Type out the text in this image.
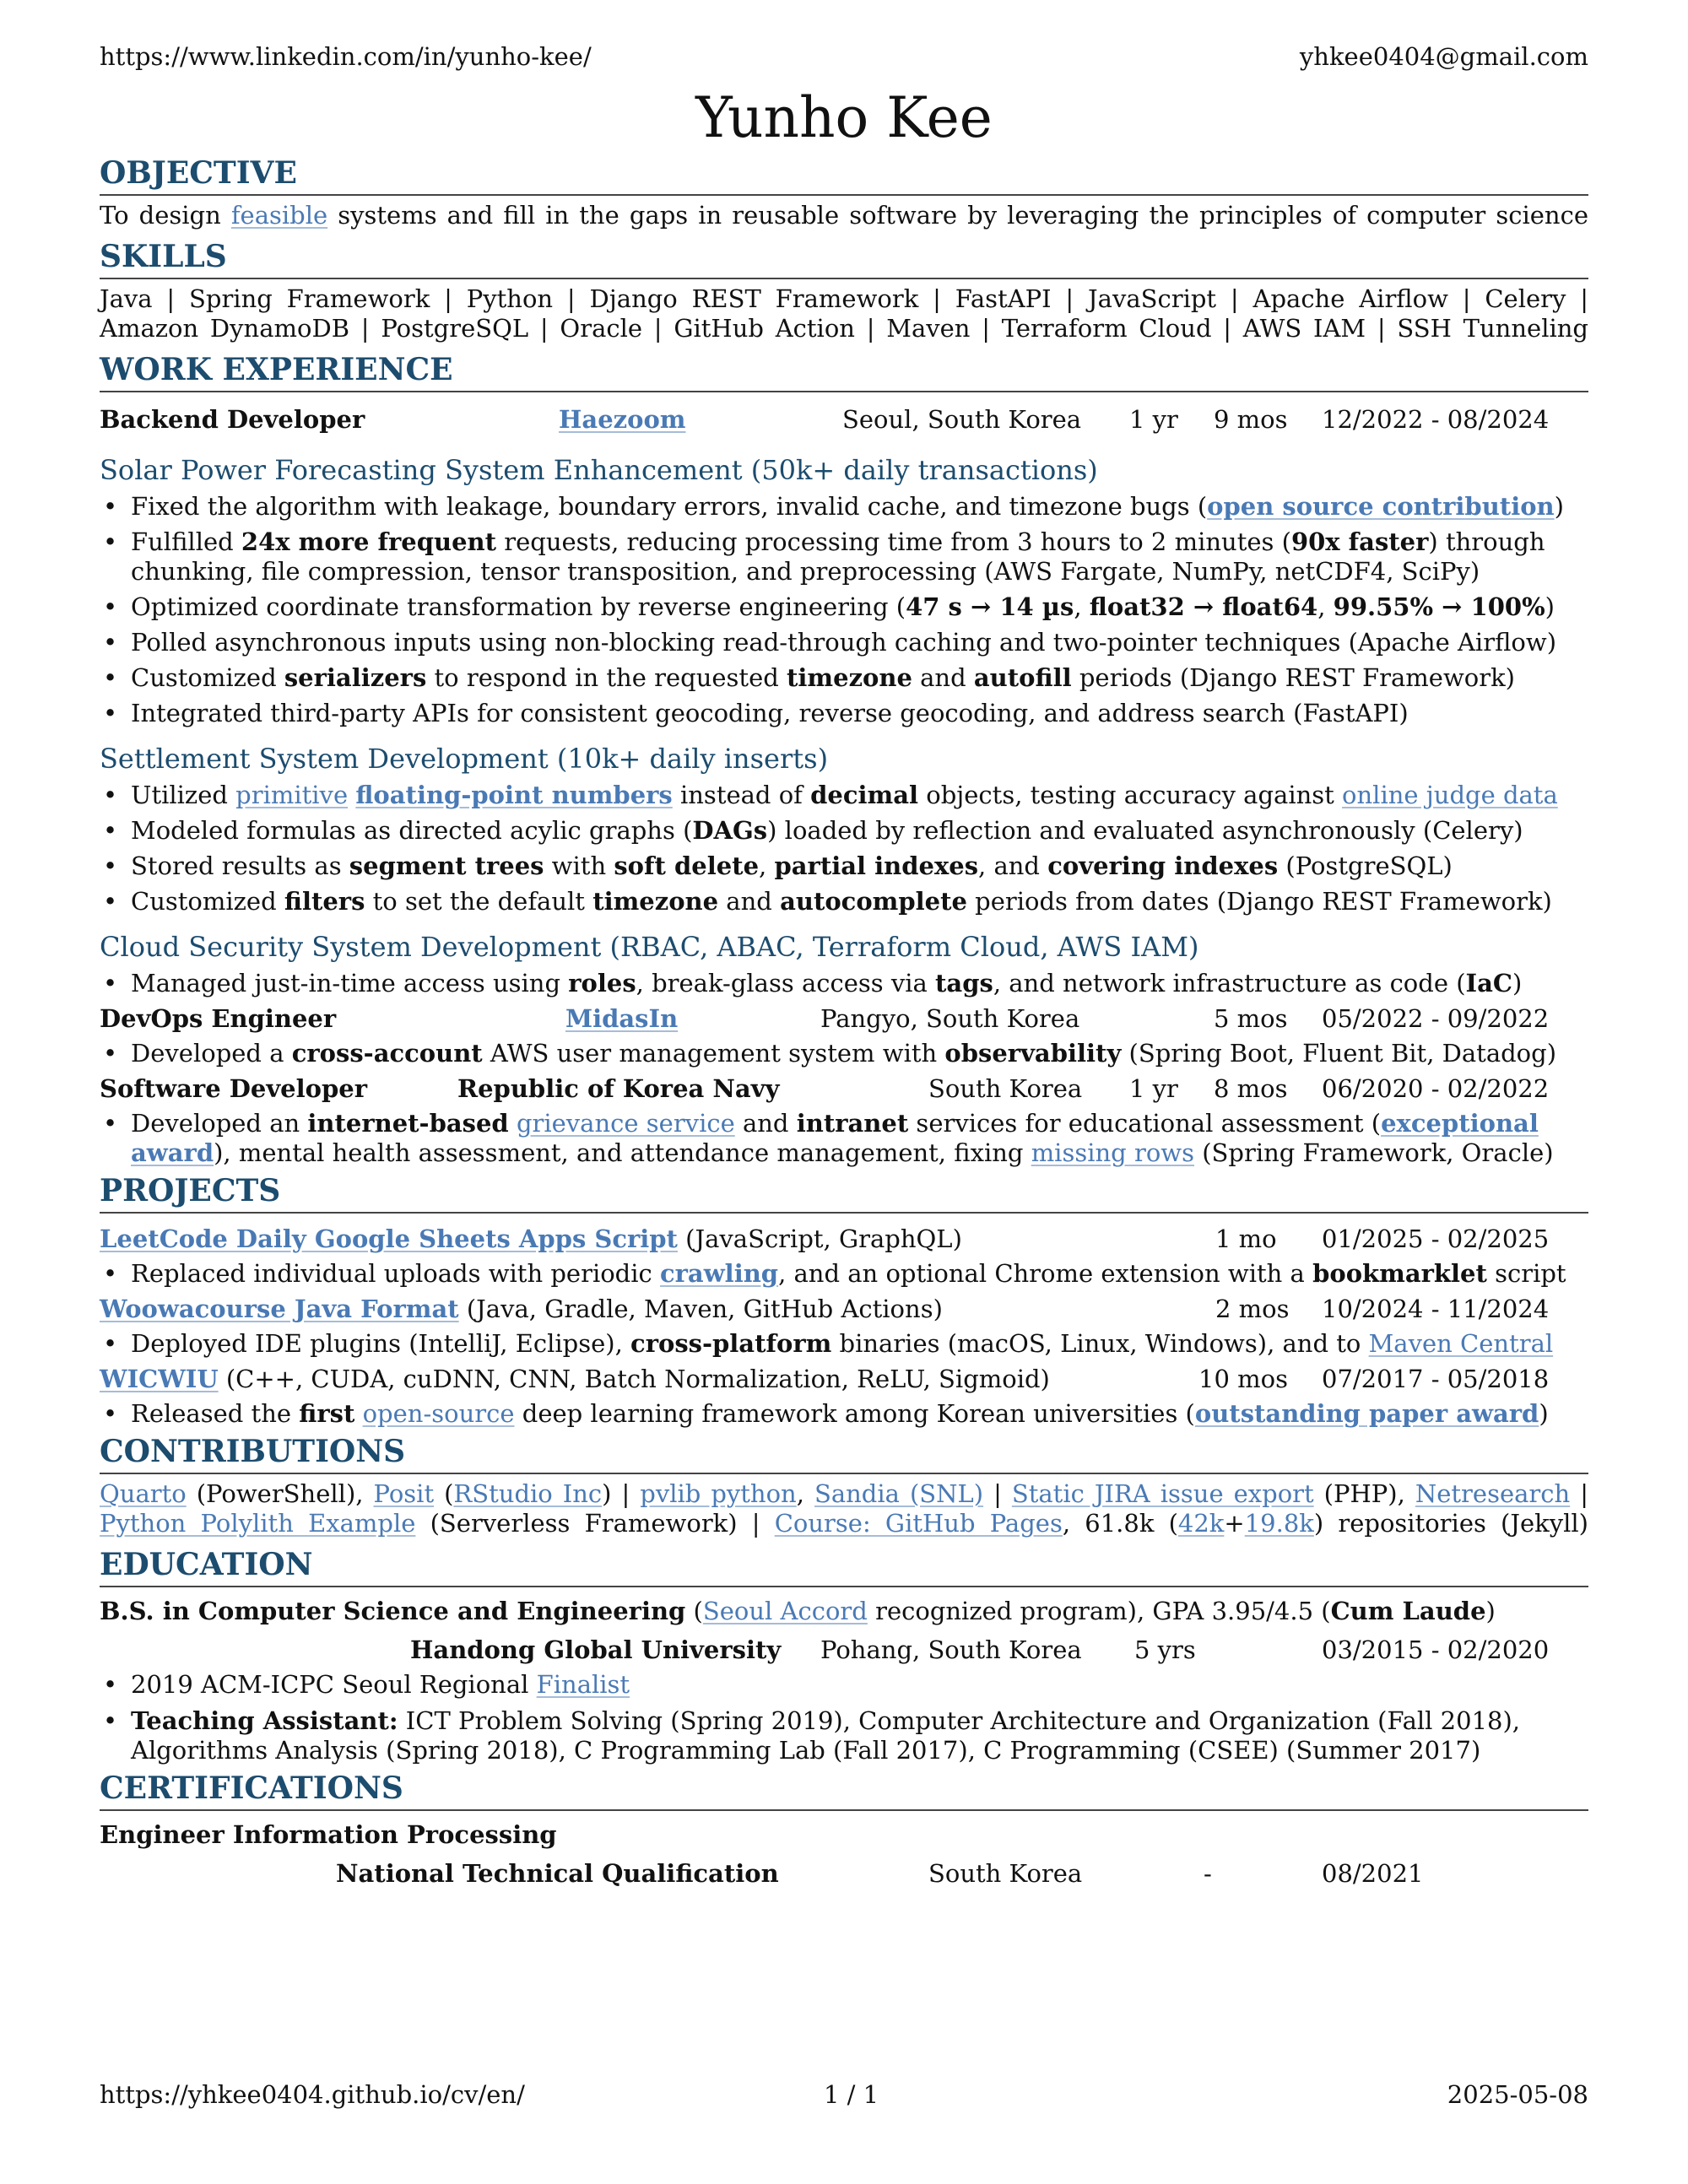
https://www.linkedin.com/in/yunho-kee/	yhkee0404@gmail.com
Yunho Kee
OBJECTIVE
To design feasible systems and fill in the gaps in reusable software by leveraging the principles of computer science
SKILLS
Java | Spring Framework | Python | Django REST Framework | FastAPI | JavaScript | Apache Airflow | Celery |
Amazon DynamoDB | PostgreSQL | Oracle | GitHub Action | Maven | Terraform Cloud | AWS IAM | SSH Tunneling
WORK EXPERIENCE
Backend Developer	Haezoom	Seoul, South Korea 1 yr 9 mos 12/2022 - 08/2024
Solar Power Forecasting System Enhancement (50k+ daily transactions)
• Fixed the algorithm with leakage, boundary errors, invalid cache, and timezone bugs (open source contribution)
• Fulfilled 24x more frequent requests, reducing processing time from 3 hours to 2 minutes (90x faster) through chunking, file compression, tensor transposition, and preprocessing (AWS Fargate, NumPy, netCDF4, SciPy)
• Optimized coordinate transformation by reverse engineering (47 s → 14 µs, float32 → float64, 99.55% → 100%)
• Polled asynchronous inputs using non-blocking read-through caching and two-pointer techniques (Apache Airflow)
• Customized serializers to respond in the requested timezone and autofill periods (Django REST Framework)
• Integrated third-party APIs for consistent geocoding, reverse geocoding, and address search (FastAPI)
Settlement System Development (10k+ daily inserts)
• Utilized primitive floating-point numbers instead of decimal objects, testing accuracy against online judge data
• Modeled formulas as directed acylic graphs (DAGs) loaded by reflection and evaluated asynchronously (Celery)
• Stored results as segment trees with soft delete, partial indexes, and covering indexes (PostgreSQL)
• Customized filters to set the default timezone and autocomplete periods from dates (Django REST Framework)
Cloud Security System Development (RBAC, ABAC, Terraform Cloud, AWS IAM)
• Managed just-in-time access using roles, break-glass access via tags, and network infrastructure as code (IaC)
DevOps Engineer	MidasIn	Pangyo, South Korea	5 mos 05/2022 - 09/2022
• Developed a cross-account AWS user management system with observability (Spring Boot, Fluent Bit, Datadog)
Software Developer	Republic of Korea Navy	South Korea 1 yr 8 mos 06/2020 - 02/2022
• Developed an internet-based grievance service and intranet services for educational assessment (exceptional award), mental health assessment, and attendance management, fixing missing rows (Spring Framework, Oracle)
PROJECTS
LeetCode Daily Google Sheets Apps Script (JavaScript, GraphQL)	1 mo 01/2025 - 02/2025
• Replaced individual uploads with periodic crawling, and an optional Chrome extension with a bookmarklet script
Woowacourse Java Format (Java, Gradle, Maven, GitHub Actions)	2 mos 10/2024 - 11/2024
• Deployed IDE plugins (IntelliJ, Eclipse), cross-platform binaries (macOS, Linux, Windows), and to Maven Central
WICWIU (C++, CUDA, cuDNN, CNN, Batch Normalization, ReLU, Sigmoid)	10 mos 07/2017 - 05/2018
• Released the first open-source deep learning framework among Korean universities (outstanding paper award)
CONTRIBUTIONS
Quarto (PowerShell), Posit (RStudio Inc) | pvlib python, Sandia (SNL) | Static JIRA issue export (PHP), Netresearch |
Python Polylith Example (Serverless Framework) | Course: GitHub Pages, 61.8k (42k+19.8k) repositories (Jekyll)
EDUCATION
B.S. in Computer Science and Engineering (Seoul Accord recognized program), GPA 3.95/4.5 (Cum Laude)
Handong Global University Pohang, South Korea 5 yrs	03/2015 - 02/2020
• 2019 ACM-ICPC Seoul Regional Finalist
• Teaching Assistant: ICT Problem Solving (Spring 2019), Computer Architecture and Organization (Fall 2018), Algorithms Analysis (Spring 2018), C Programming Lab (Fall 2017), C Programming (CSEE) (Summer 2017)
CERTIFICATIONS
Engineer Information Processing
National Technical Qualification	South Korea	-	08/2021
https://yhkee0404.github.io/cv/en/	1 / 1	2025-05-08
